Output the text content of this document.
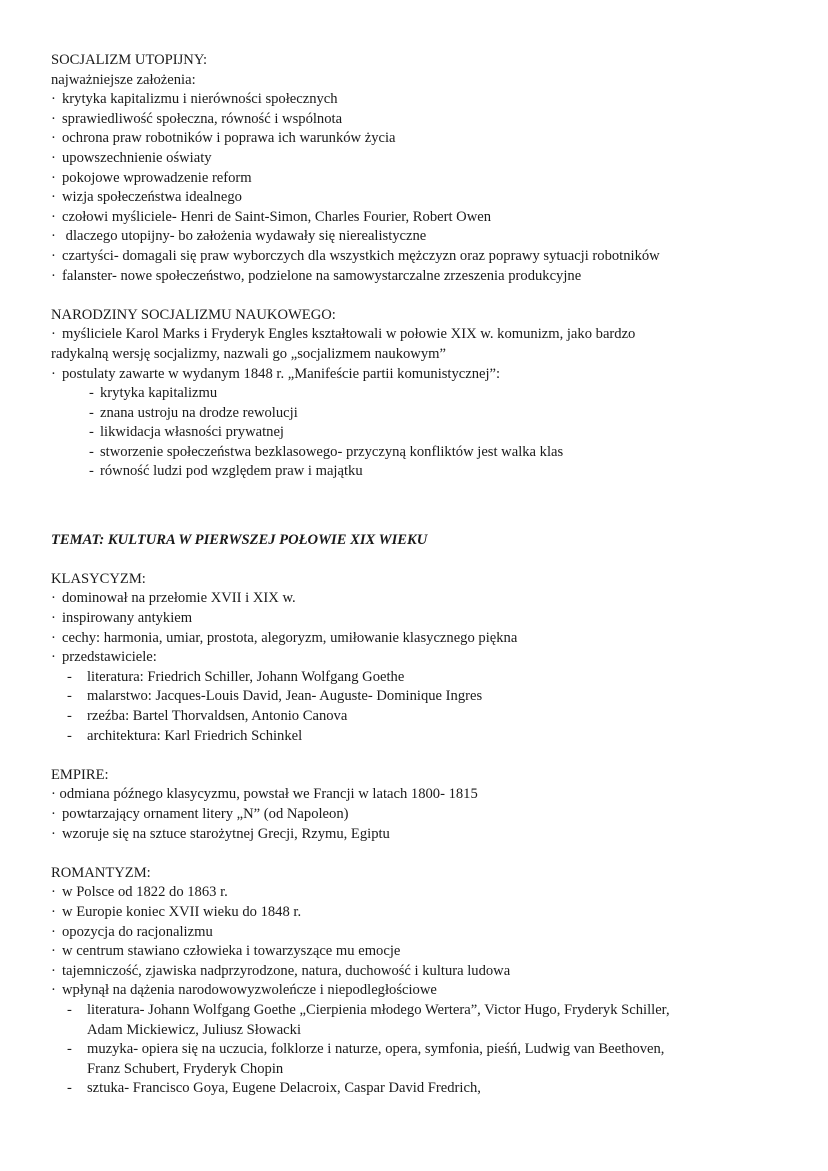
SOCJALIZM UTOPIJNY:
najważniejsze założenia:
· krytyka kapitalizmu i nierówności społecznych
· sprawiedliwość społeczna, równość i wspólnota
· ochrona praw robotników i poprawa ich warunków życia
· upowszechnienie oświaty
· pokojowe wprowadzenie reform
· wizja społeczeństwa idealnego
· czołowi myśliciele- Henri de Saint-Simon, Charles Fourier, Robert Owen
· dlaczego utopijny- bo założenia wydawały się nierealistyczne
· czartyści- domagali się praw wyborczych dla wszystkich mężczyzn oraz poprawy sytuacji robotników
· falanster- nowe społeczeństwo, podzielone na samowystarczalne zrzeszenia produkcyjne
NARODZINY SOCJALIZMU NAUKOWEGO:
· myśliciele Karol Marks i Fryderyk Engles kształtowali w połowie XIX w. komunizm, jako bardzo
radykalną wersję socjalizmy, nazwali go „socjalizmem naukowym”
· postulaty zawarte w wydanym 1848 r. „Manifeście partii komunistycznej”:
- krytyka kapitalizmu
- znana ustroju na drodze rewolucji
- likwidacja własności prywatnej
- stworzenie społeczeństwa bezklasowego- przyczyną konfliktów jest walka klas
- równość ludzi pod względem praw i majątku
TEMAT: KULTURA W PIERWSZEJ POŁOWIE XIX WIEKU
KLASYCYZM:
· dominował na przełomie XVII i XIX w.
· inspirowany antykiem
· cechy: harmonia, umiar, prostota, alegoryzm, umiłowanie klasycznego piękna
· przedstawiciele:
- literatura: Friedrich Schiller, Johann Wolfgang Goethe
- malarstwo: Jacques-Louis David, Jean- Auguste- Dominique Ingres
- rzeźba: Bartel Thorvaldsen, Antonio Canova
- architektura: Karl Friedrich Schinkel
EMPIRE:
· odmiana późnego klasycyzmu, powstał we Francji w latach 1800- 1815
· powtarzający ornament litery „N” (od Napoleon)
· wzoruje się na sztuce starożytnej Grecji, Rzymu, Egiptu
ROMANTYZM:
· w Polsce od 1822 do 1863 r.
· w Europie koniec XVII wieku do 1848 r.
· opozycja do racjonalizmu
· w centrum stawiano człowieka i towarzyszące mu emocje
· tajemniczość, zjawiska nadprzyrodzone, natura, duchowość i kultura ludowa
· wpłynął na dążenia narodowowyzwoleńcze i niepodległościowe
- literatura- Johann Wolfgang Goethe „Cierpienia młodego Wertera”, Victor Hugo, Fryderyk Schiller,
Adam Mickiewicz, Juliusz Słowacki
- muzyka- opiera się na uczucia, folklorze i naturze, opera, symfonia, pieśń, Ludwig van Beethoven,
Franz Schubert, Fryderyk Chopin
- sztuka- Francisco Goya, Eugene Delacroix, Caspar David Fredrich,
